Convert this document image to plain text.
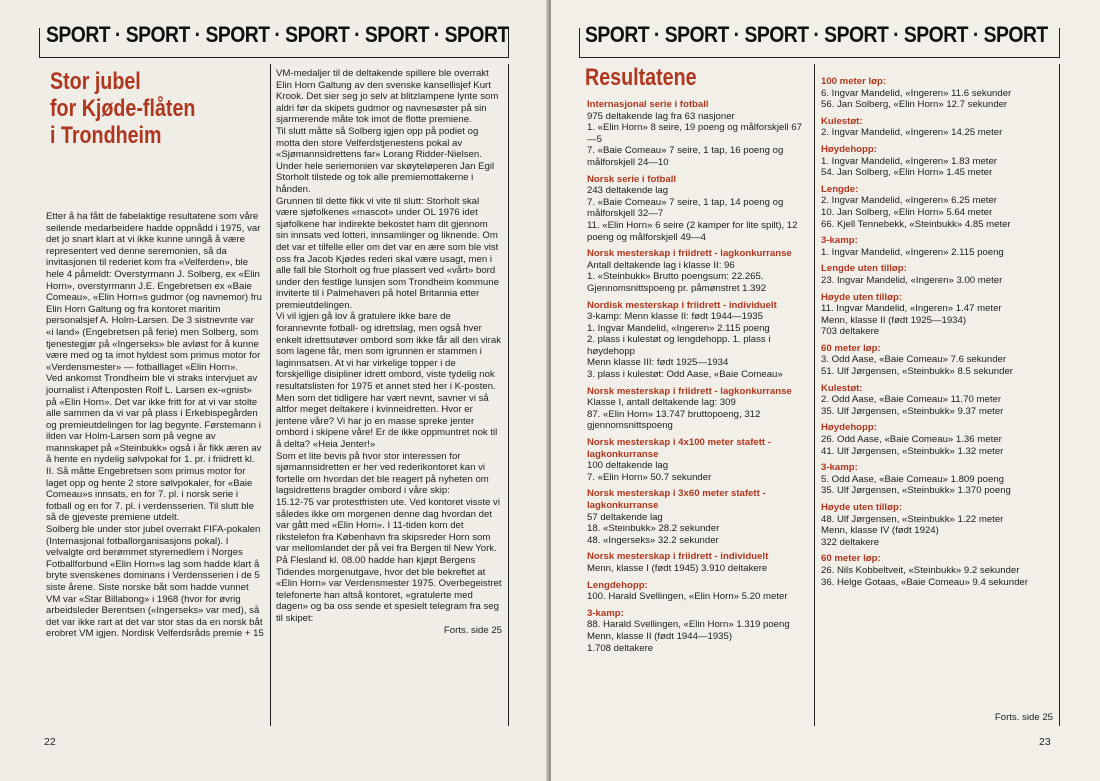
SPORT · SPORT · SPORT · SPORT · SPORT · SPORT
Stor jubel
for Kjøde-flåten
i Trondheim

Etter å ha fått de fabelaktige resultatene som våre seilende medarbeidere hadde oppnådd i 1975, var det jo snart klart at vi ikke kunne unngå å være representert ved denne seremonien, så da invitasjonen til rederiet kom fra «Velferden», ble hele 4 påmeldt: Overstyrmann J. Solberg, ex «Elin Horn», overstyrmann J.E. Engebretsen ex «Baie Comeau», «Elin Horn»s gudmor (og navnemor) fru Elin Horn Galtung og fra kontoret maritim personalsjef A. Holm-Larsen. De 3 sistnevnte var «i land» (Engebretsen på ferie) men Solberg, som tjenestegjør på «Ingerseks» ble avløst for å kunne være med og ta imot hyldest som primus motor for «Verdensmester» — fotballlaget «Elin Horn».

Ved ankomst Trondheim ble vi straks intervjuet av journalist i Aftenposten Rolf L. Larsen ex-«gnist» på «Elin Horn». Det var ikke fritt for at vi var stolte alle sammen da vi var på plass i Erkebispegården og premieutdelingen for lag begynte. Førstemann i ilden var Holm-Larsen som på vegne av mannskapet på «Steinbukk» også i år fikk æren av å hente en nydelig sølvpokal for 1. pr. i friidrett kl. II. Så måtte Engebretsen som primus motor for laget opp og hente 2 store sølvpokaler, for «Baie Comeau»s innsats, en for 7. pl. i norsk serie i fotball og en for 7. pl. i verdensserien. Til slutt ble så de gjeveste premiene utdelt.

Solberg ble under stor jubel overrakt FIFA-pokalen (Internasjonal fotballorganisasjons pokal). I velvalgte ord berømmet styremedlem i Norges Fotballforbund «Elin Horn»s lag som hadde klart å bryte svenskenes dominans i Verdensserien i de 5 siste årene. Siste norske båt som hadde vunnet VM var «Star Billabong» i 1968 (hvor for øvrig arbeidsleder Berentsen («Ingerseks» var med), så det var ikke rart at det var stor stas da en norsk båt erobret VM igjen. Nordisk Velferdsråds premie + 15

VM-medaljer til de deltakende spillere ble overrakt Elin Horn Galtung av den svenske kansellisjef Kurt Krook. Det sier seg jo selv at blitzlampene lynte som aldri før da skipets gudmor og navnesøster på sin sjarmerende måte tok imot de flotte premiene.

Til slutt måtte så Solberg igjen opp på podiet og motta den store Velferdstjenestens pokal av «Sjømannsidrettens far» Lorang Ridder-Nielsen. Under hele seriemonien var skøyteløperen Jan Egil Storholt tilstede og tok alle premiemottakerne i hånden.

Grunnen til dette fikk vi vite til slutt: Storholt skal være sjøfolkenes «mascot» under OL 1976 idet sjøfolkene har indirekte bekostet ham dit gjennom sin innsats ved lotteri, innsamlinger og liknende. Om det var et tilfelle eller om det var en ære som ble vist oss fra Jacob Kjødes rederi skal være usagt, men i alle fall ble Storholt og frue plassert ved «vårt» bord under den festlige lunsjen som Trondheim kommune inviterte til i Palmehaven på hotel Britannia etter premieutdelingen.

Vi vil igjen gå lov å gratulere ikke bare de forannevnte fotball- og idrettslag, men også hver enkelt idrettsutøver ombord som ikke får all den virak som lagene får, men som igrunnen er stammen i laginnsatsen. At vi har virkelige topper i de forskjellige disipliner idrett ombord, viste tydelig nok resultatslisten for 1975 et annet sted her i K-posten. Men som det tidligere har vært nevnt, savner vi så altfor meget deltakere i kvinneidretten. Hvor er jentene våre? Vi har jo en masse spreke jenter ombord i skipene våre! Er de ikke oppmuntret nok til å delta? «Heia Jenter!»

Som et lite bevis på hvor stor interessen for sjømannsidretten er her ved rederikontoret kan vi fortelle om hvordan det ble reagert på nyheten om lagsidrettens bragder ombord i våre skip:

15.12-75 var protestfristen ute. Ved kontoret visste vi således ikke om morgenen denne dag hvordan det var gått med «Elin Horn». I 11-tiden kom det rikstelefon fra København fra skipsreder Horn som var mellomlandet der på vei fra Bergen til New York. På Flesland kl. 08.00 hadde han kjøpt Bergens Tidendes morgenutgave, hvor det ble bekreftet at «Elin Horn» var Verdensmester 1975. Overbegeistret telefonerte han altså kontoret, «gratulerte med dagen» og ba oss sende et spesielt telegram fra seg til skipet:

Forts. side 25

22
SPORT · SPORT · SPORT · SPORT · SPORT · SPORT
Resultatene

Internasjonal serie i fotball

975 deltakende lag fra 63 nasjoner

1. «Elin Horn» 8 seire, 19 poeng og målforskjell 67—5

7. «Baie Comeau» 7 seire, 1 tap, 16 poeng og målforskjell 24—10

Norsk serie i fotball

243 deltakende lag

7. «Baie Comeau» 7 seire, 1 tap, 14 poeng og målforskjell 32—7

11. «Elin Horn» 6 seire (2 kamper for lite spilt), 12 poeng og målforskjell 49—4

Norsk mesterskap i friidrett - lagkonkurranse

Antall deltakende lag i klasse II: 96

1. «Steinbukk» Brutto poengsum: 22.265. Gjennomsnittspoeng pr. påmønstret 1.392

Nordisk mesterskap i friidrett - individuelt

3-kamp: Menn klasse II: født 1944—1935

1. Ingvar Mandelid, «Ingeren» 2.115 poeng

2. plass i kulestøt og lengdehopp. 1. plass i høydehopp

Menn klasse III: født 1925—1934

3. plass i kulestøt: Odd Aase, «Baie Comeau»

Norsk mesterskap i friidrett - lagkonkurranse

Klasse I, antall deltakende lag: 309

87. «Elin Horn» 13.747 bruttopoeng, 312 gjennomsnittspoeng

Norsk mesterskap i 4x100 meter stafett - lagkonkurranse

100 deltakende lag

7. «Elin Horn» 50.7 sekunder

Norsk mesterskap i 3x60 meter stafett - lagkonkurranse

57 deltakende lag

18. «Steinbukk» 28.2 sekunder

48. «Ingerseks» 32.2 sekunder

Norsk mesterskap i friidrett - individuelt

Menn, klasse I (født 1945) 3.910 deltakere

Lengdehopp:

100. Harald Svellingen, «Elin Horn» 5.20 meter

3-kamp:

88. Harald Svellingen, «Elin Horn» 1.319 poeng

Menn, klasse II (født 1944—1935)

1.708 deltakere

100 meter løp:

6. Ingvar Mandelid, «Ingeren» 11.6 sekunder

56. Jan Solberg, «Elin Horn» 12.7 sekunder

Kulestøt:

2. Ingvar Mandelid, «Ingeren» 14.25 meter

Høydehopp:

1. Ingvar Mandelid, «Ingeren» 1.83 meter

54. Jan Solberg, «Elin Horn» 1.45 meter

Lengde:

2. Ingvar Mandelid, «Ingeren» 6.25 meter

10. Jan Solberg, «Elin Horn» 5.64 meter

66. Kjell Tennebekk, «Steinbukk» 4.85 meter

3-kamp:

1. Ingvar Mandelid, «Ingeren» 2.115 poeng

Lengde uten tilløp:

23. Ingvar Mandelid, «Ingeren» 3.00 meter

Høyde uten tilløp:

11. Ingvar Mandelid, «Ingeren» 1.47 meter

Menn, klasse II (født 1925—1934)

703 deltakere

60 meter løp:

3. Odd Aase, «Baie Comeau» 7.6 sekunder

51. Ulf Jørgensen, «Steinbukk» 8.5 sekunder

Kulestøt:

2. Odd Aase, «Baie Comeau» 11.70 meter

35. Ulf Jørgensen, «Steinbukk» 9.37 meter

Høydehopp:

26. Odd Aase, «Baie Comeau» 1.36 meter

41. Ulf Jørgensen, «Steinbukk» 1.32 meter

3-kamp:

5. Odd Aase, «Baie Comeau» 1.809 poeng

35. Ulf Jørgensen, «Steinbukk» 1.370 poeng

Høyde uten tilløp:

48. Ulf Jørgensen, «Steinbukk» 1.22 meter

Menn, klasse IV (født 1924)

322 deltakere

60 meter løp:

26. Nils Kobbeltveit, «Steinbukk» 9.2 sekunder

36. Helge Gotaas, «Baie Comeau» 9.4 sekunder

Forts. side 25

23
